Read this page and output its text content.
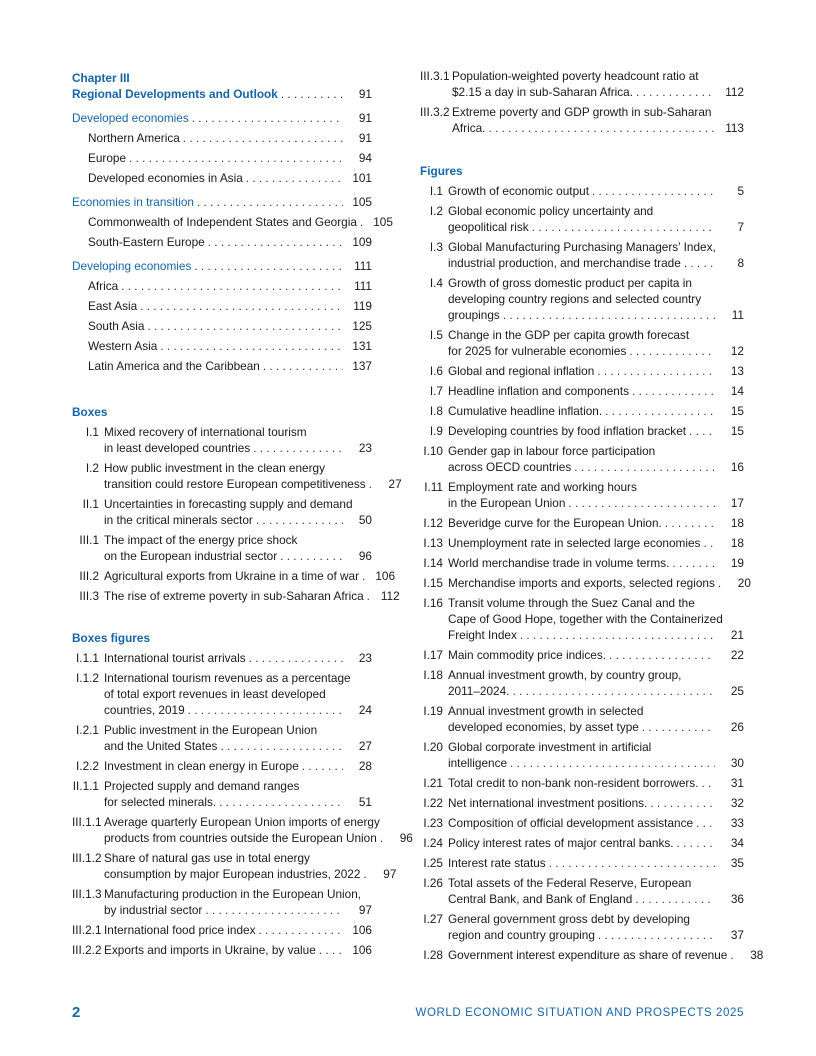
Chapter III
Regional Developments and Outlook . . .	91
Developed economies . . .	91
Northern America . . .	91
Europe . . .	94
Developed economies in Asia . . .	101
Economies in transition . . .	105
Commonwealth of Independent States and Georgia . . .	105
South-Eastern Europe . . .	109
Developing economies . . .	111
Africa . . .	111
East Asia . . .	119
South Asia . . .	125
Western Asia . . .	131
Latin America and the Caribbean . . .	137
Boxes
I.1 Mixed recovery of international tourism
in least developed countries . . .	23
I.2 How public investment in the clean energy
transition could restore European competitiveness . . .	27
II.1 Uncertainties in forecasting supply and demand
in the critical minerals sector . . .	50
III.1 The impact of the energy price shock
on the European industrial sector . . .	96
III.2 Agricultural exports from Ukraine in a time of war . . .	106
III.3 The rise of extreme poverty in sub-Saharan Africa . . .	112
Boxes figures
I.1.1 International tourist arrivals . . .	23
I.1.2 International tourism revenues as a percentage
of total export revenues in least developed
countries, 2019 . . .	24
I.2.1 Public investment in the European Union
and the United States . . .	27
I.2.2 Investment in clean energy in Europe . . .	28
II.1.1 Projected supply and demand ranges
for selected minerals. . . .	51
III.1.1 Average quarterly European Union imports of energy
products from countries outside the European Union . . .	96
III.1.2 Share of natural gas use in total energy
consumption by major European industries, 2022 . . .	97
III.1.3 Manufacturing production in the European Union,
by industrial sector . . .	97
III.2.1 International food price index . . .	106
III.2.2 Exports and imports in Ukraine, by value . . .	106
III.3.1 Population-weighted poverty headcount ratio at
$2.15 a day in sub-Saharan Africa. . . .	112
III.3.2 Extreme poverty and GDP growth in sub-Saharan
Africa. . . .	113
Figures
I.1 Growth of economic output . . .	5
I.2 Global economic policy uncertainty and
geopolitical risk . . .	7
I.3 Global Manufacturing Purchasing Managers’ Index,
industrial production, and merchandise trade . . .	8
I.4 Growth of gross domestic product per capita in
developing country regions and selected country
groupings . . .	11
I.5 Change in the GDP per capita growth forecast
for 2025 for vulnerable economies . . .	12
I.6 Global and regional inflation . . .	13
I.7 Headline inflation and components . . .	14
I.8 Cumulative headline inflation. . . .	15
I.9 Developing countries by food inflation bracket . . .	15
I.10 Gender gap in labour force participation
across OECD countries . . .	16
I.11 Employment rate and working hours
in the European Union . . .	17
I.12 Beveridge curve for the European Union. . . .	18
I.13 Unemployment rate in selected large economies . . .	18
I.14 World merchandise trade in volume terms. . . .	19
I.15 Merchandise imports and exports, selected regions . . .	20
I.16 Transit volume through the Suez Canal and the
Cape of Good Hope, together with the Containerized
Freight Index . . .	21
I.17 Main commodity price indices. . . .	22
I.18 Annual investment growth, by country group,
2011–2024. . . .	25
I.19 Annual investment growth in selected
developed economies, by asset type . . .	26
I.20 Global corporate investment in artificial
intelligence . . .	30
I.21 Total credit to non-bank non-resident borrowers. . . .	31
I.22 Net international investment positions. . . .	32
I.23 Composition of official development assistance . . .	33
I.24 Policy interest rates of major central banks. . . .	34
I.25 Interest rate status . . .	35
I.26 Total assets of the Federal Reserve, European
Central Bank, and Bank of England . . .	36
I.27 General government gross debt by developing
region and country grouping . . .	37
I.28 Government interest expenditure as share of revenue . . .	38
2	WORLD ECONOMIC SITUATION AND PROSPECTS 2025
